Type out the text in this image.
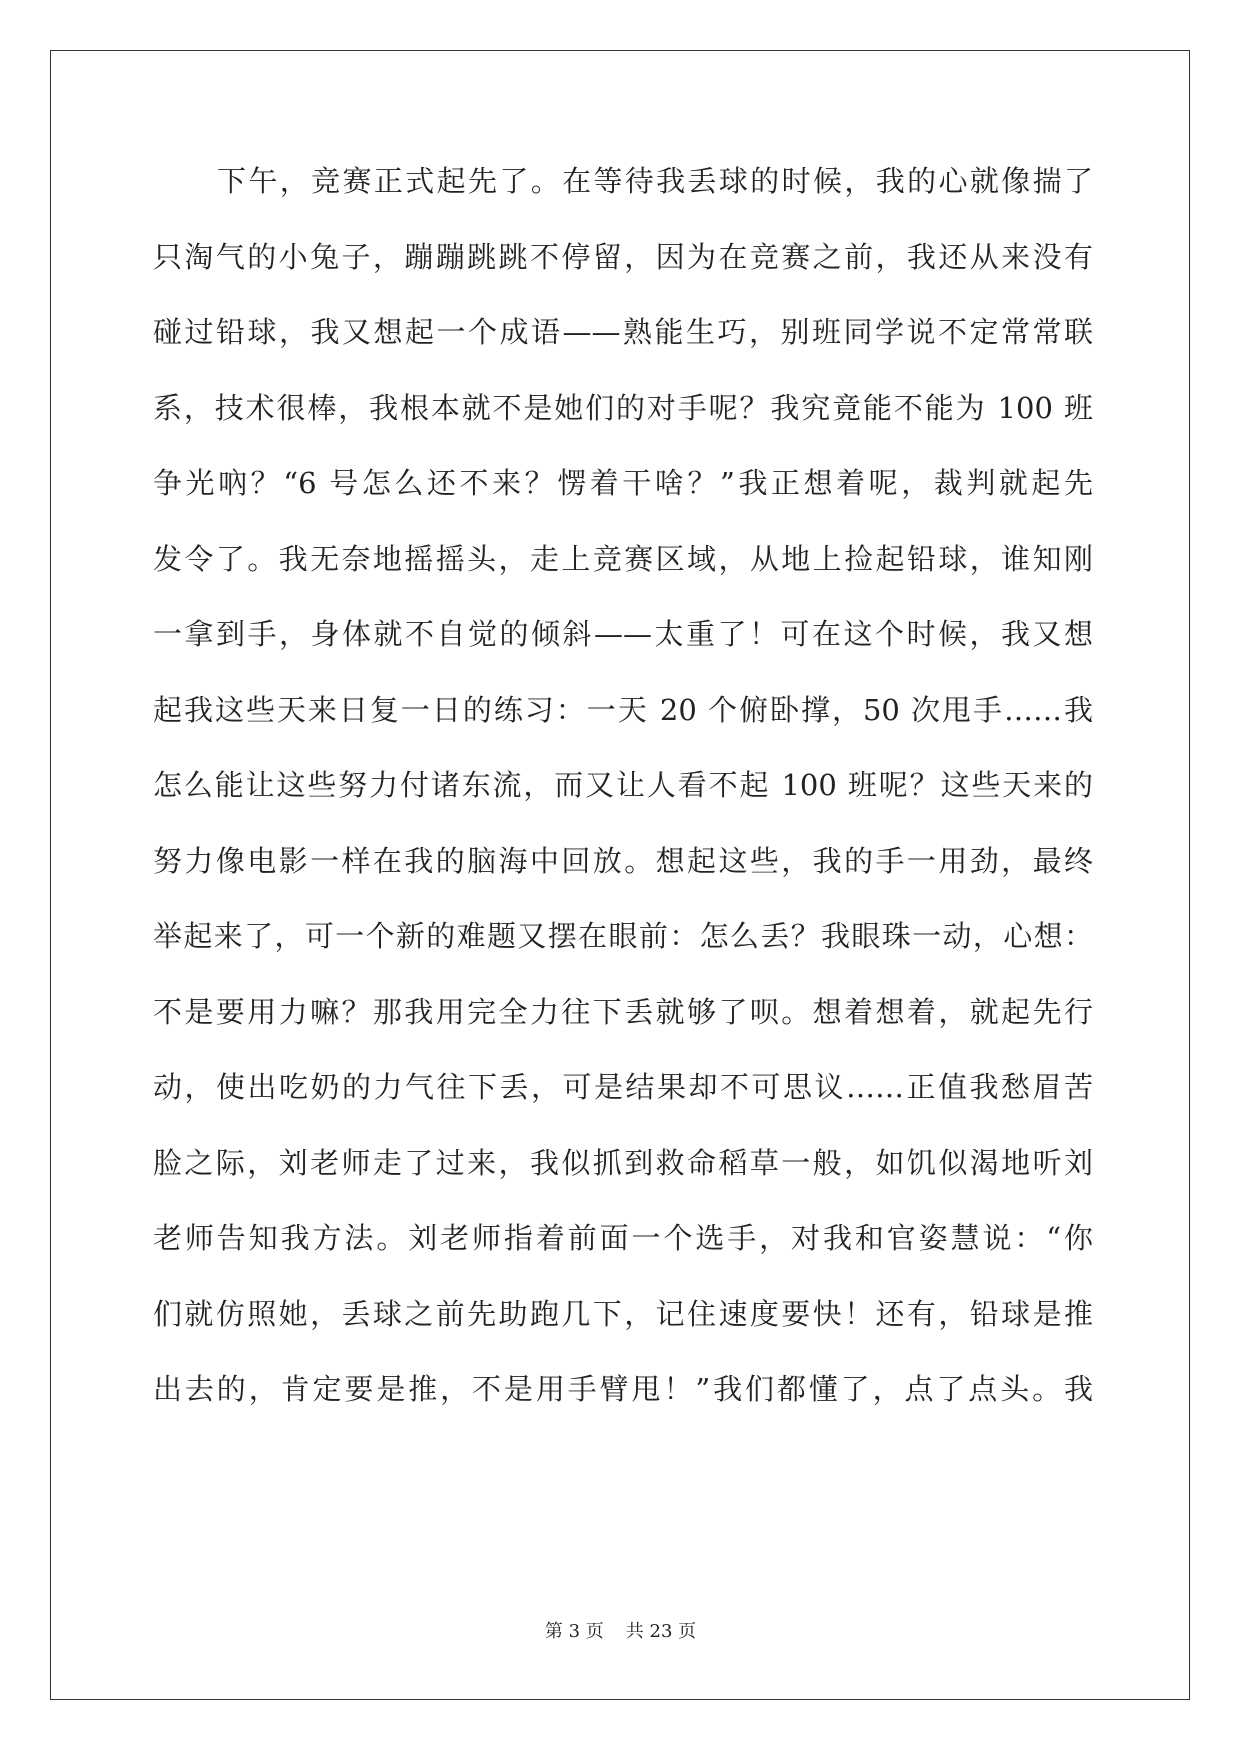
下午，竞赛正式起先了。在等待我丢球的时候，我的心就像揣了
只淘气的小兔子，蹦蹦跳跳不停留，因为在竞赛之前，我还从来没有
碰过铅球，我又想起一个成语——熟能生巧，别班同学说不定常常联
系，技术很棒，我根本就不是她们的对手呢？我究竟能不能为 100 班
争光吶？“6 号怎么还不来？愣着干啥？”我正想着呢，裁判就起先
发令了。我无奈地摇摇头，走上竞赛区域，从地上捡起铅球，谁知刚
一拿到手，身体就不自觉的倾斜——太重了！可在这个时候，我又想
起我这些天来日复一日的练习：一天 20 个俯卧撑，50 次甩手……我
怎么能让这些努力付诸东流，而又让人看不起 100 班呢？这些天来的
努力像电影一样在我的脑海中回放。想起这些，我的手一用劲，最终
举起来了，可一个新的难题又摆在眼前：怎么丢？我眼珠一动，心想：
不是要用力嘛？那我用完全力往下丢就够了呗。想着想着，就起先行
动，使出吃奶的力气往下丢，可是结果却不可思议……正值我愁眉苦
脸之际，刘老师走了过来，我似抓到救命稻草一般，如饥似渴地听刘
老师告知我方法。刘老师指着前面一个选手，对我和官姿慧说：“你
们就仿照她，丢球之前先助跑几下，记住速度要快！还有，铅球是推
出去的，肯定要是推，不是用手臂甩！”我们都懂了，点了点头。我
第 3 页 共 23 页
